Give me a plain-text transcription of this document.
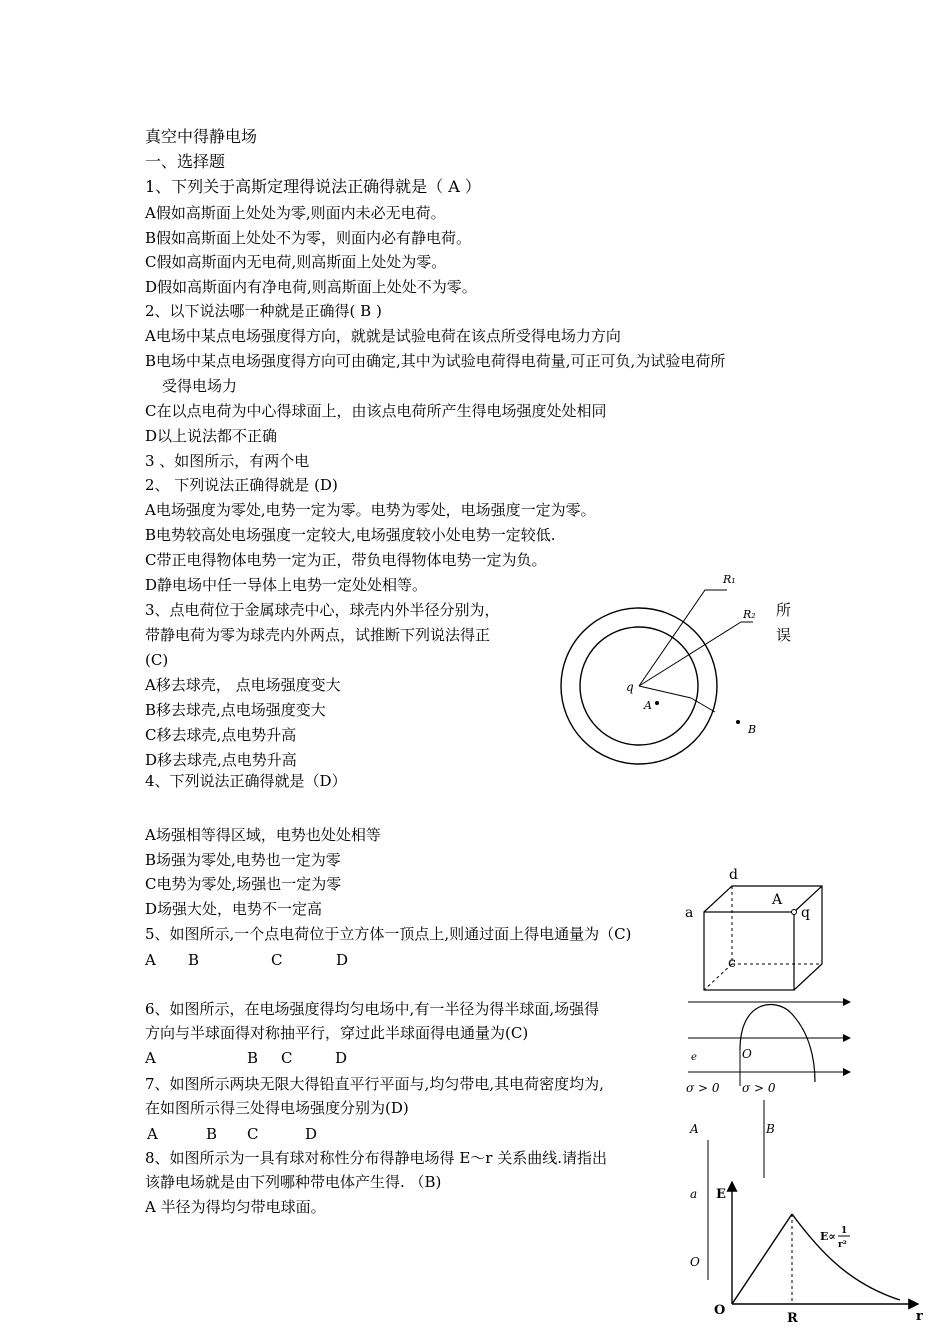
真空中得静电场
一、选择题
1、下列关于高斯定理得说法正确得就是（ A ）
A假如高斯面上处处为零,则面内未必无电荷。
B假如高斯面上处处不为零，则面内必有静电荷。
C假如高斯面内无电荷,则高斯面上处处为零。
D假如高斯面内有净电荷,则高斯面上处处不为零。
2、以下说法哪一种就是正确得( B )
A电场中某点电场强度得方向，就就是试验电荷在该点所受得电场力方向
B电场中某点电场强度得方向可由确定,其中为试验电荷得电荷量,可正可负,为试验电荷所
受得电场力
C在以点电荷为中心得球面上，由该点电荷所产生得电场强度处处相同
D以上说法都不正确
3 、如图所示，有两个电
2、 下列说法正确得就是 (D)
A电场强度为零处,电势一定为零。电势为零处，电场强度一定为零。
B电势较高处电场强度一定较大,电场强度较小处电势一定较低.
C带正电得物体电势一定为正，带负电得物体电势一定为负。
D静电场中任一导体上电势一定处处相等。
3、点电荷位于金属球壳中心，球壳内外半径分别为，	所
带静电荷为零为球壳内外两点，试推断下列说法得正	误
(C)
A移去球壳， 点电场强度变大
B移去球壳,点电场强度变大
C移去球壳,点电势升高
D移去球壳,点电势升高
R₁
R₂
q
A
B
4、下列说法正确得就是（D）
A场强相等得区域，电势也处处相等
B场强为零处,电势也一定为零
C电势为零处,场强也一定为零
D场强大处，电势不一定高
5、如图所示,一个点电荷位于立方体一顶点上,则通过面上得电通量为（C)
A B	C	D
d
a
A
q
c
6、如图所示，在电场强度得均匀电场中,有一半径为得半球面,场强得
方向与半球面得对称抽平行，穿过此半球面得电通量为(C)
A	B C	D	e	O
σ > 0 σ > 0
7、如图所示两块无限大得铅直平行平面与,均匀带电,其电荷密度均为,
在如图所示得三处得电场强度分别为(D)
A	B C	D	A	B
8、如图所示为一具有球对称性分布得静电场得 E～r 关系曲线.请指出
该静电场就是由下列哪种带电体产生得. （B)
A 半径为得均匀带电球面。
a
O
E
O
R	r
E∝ 1
r²
